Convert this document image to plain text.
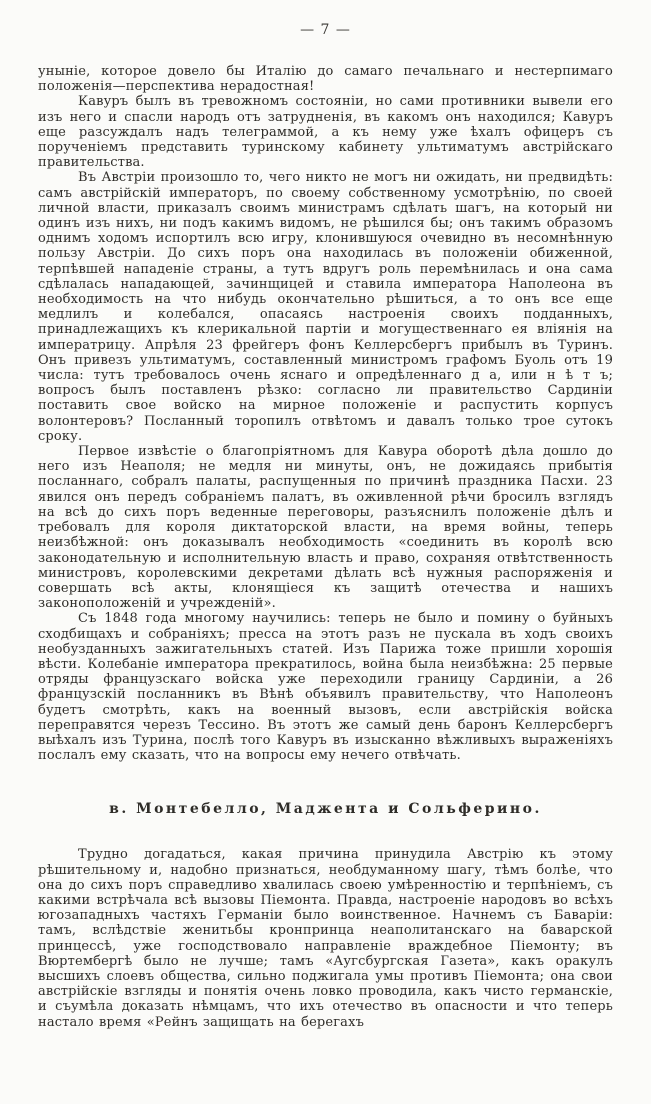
— 7 —

уныніе, которое довело бы Италію до самаго печальнаго и нестерпимаго положенія—перспектива нерадостная!

Кавуръ былъ въ тревожномъ состояніи, но сами противники вывели его изъ него и спасли народъ отъ затрудненія, въ какомъ онъ находился; Кавуръ еще разсуждалъ надъ телеграммой, а къ нему уже ѣхалъ офицеръ съ порученіемъ представить туринскому кабинету ультиматумъ австрійскаго правительства.

Въ Австріи произошло то, чего никто не могъ ни ожидать, ни предвидѣть: самъ австрійскій императоръ, по своему собственному усмотрѣнію, по своей личной власти, приказалъ своимъ министрамъ сдѣлать шагъ, на который ни одинъ изъ нихъ, ни подъ какимъ видомъ, не рѣшился бы; онъ такимъ образомъ однимъ ходомъ испортилъ всю игру, клонившуюся очевидно въ несомнѣнную пользу Австріи. До сихъ поръ она находилась въ положеніи обиженной, терпѣвшей нападеніе страны, а тутъ вдругъ роль перемѣнилась и она сама сдѣлалась нападающей, зачинщицей и ставила императора Наполеона въ необходимость на что нибудь окончательно рѣшиться, а то онъ все еще медлилъ и колебался, опасаясь настроенія своихъ подданныхъ, принадлежащихъ къ клерикальной партіи и могущественнаго ея вліянія на императрицу. Апрѣля 23 фрейгеръ фонъ Келлерсбергъ прибылъ въ Туринъ. Онъ привезъ ультиматумъ, составленный министромъ графомъ Буоль отъ 19 числа: тутъ требовалось очень яснаго и опредѣленнаго д а, или н ѣ т ъ; вопросъ былъ поставленъ рѣзко: согласно ли правительство Сардиніи поставить свое войско на мирное положеніе и распустить корпусъ волонтеровъ? Посланный торопилъ отвѣтомъ и давалъ только трое сутокъ сроку.

Первое извѣстіе о благопріятномъ для Кавура оборотѣ дѣла дошло до него изъ Неаполя; не медля ни минуты, онъ, не дожидаясь прибытія посланнаго, собралъ палаты, распущенныя по причинѣ праздника Пасхи. 23 явился онъ передъ собраніемъ палатъ, въ оживленной рѣчи бросилъ взглядъ на всѣ до сихъ поръ веденные переговоры, разъяснилъ положеніе дѣлъ и требовалъ для короля диктаторской власти, на время войны, теперь неизбѣжной: онъ доказывалъ необходимость «соединить въ королѣ всю законодательную и исполнительную власть и право, сохраняя отвѣтственность министровъ, королевскими декретами дѣлать всѣ нужныя распоряженія и совершать всѣ акты, клонящіеся къ защитѣ отечества и нашихъ законоположеній и учрежденій».

Съ 1848 года многому научились: теперь не было и помину о буйныхъ сходбищахъ и собраніяхъ; пресса на этотъ разъ не пускала въ ходъ своихъ необузданныхъ зажигательныхъ статей. Изъ Парижа тоже пришли хорошія вѣсти. Колебаніе императора прекратилось, война была неизбѣжна: 25 первые отряды французскаго войска уже переходили границу Сардиніи, а 26 французскій посланникъ въ Вѣнѣ объявилъ правительству, что Наполеонъ будетъ смотрѣть, какъ на военный вызовъ, если австрійскія войска переправятся черезъ Тессино. Въ этотъ же самый день баронъ Келлерсбергъ выѣхалъ изъ Турина, послѣ того Кавуръ въ изысканно вѣжливыхъ выраженіяхъ послалъ ему сказать, что на вопросы ему нечего отвѣчать.

в. Монтебелло, Маджента и Сольферино.

Трудно догадаться, какая причина принудила Австрію къ этому рѣшительному и, надобно признаться, необдуманному шагу, тѣмъ болѣе, что она до сихъ поръ справедливо хвалилась своею умѣренностію и терпѣніемъ, съ какими встрѣчала всѣ вызовы Піемонта. Правда, настроеніе народовъ во всѣхъ югозападныхъ частяхъ Германіи было воинственное. Начнемъ съ Баваріи: тамъ, вслѣдствіе женитьбы кронпринца неаполитанскаго на баварской принцессѣ, уже господствовало направленіе враждебное Піемонту; въ Вюртембергѣ было не лучше; тамъ «Аугсбургская Газета», какъ оракулъ высшихъ слоевъ общества, сильно поджигала умы противъ Піемонта; она свои австрійскіе взгляды и понятія очень ловко проводила, какъ чисто германскіе, и съумѣла доказать нѣмцамъ, что ихъ отечество въ опасности и что теперь настало время «Рейнъ защищать на берегахъ
